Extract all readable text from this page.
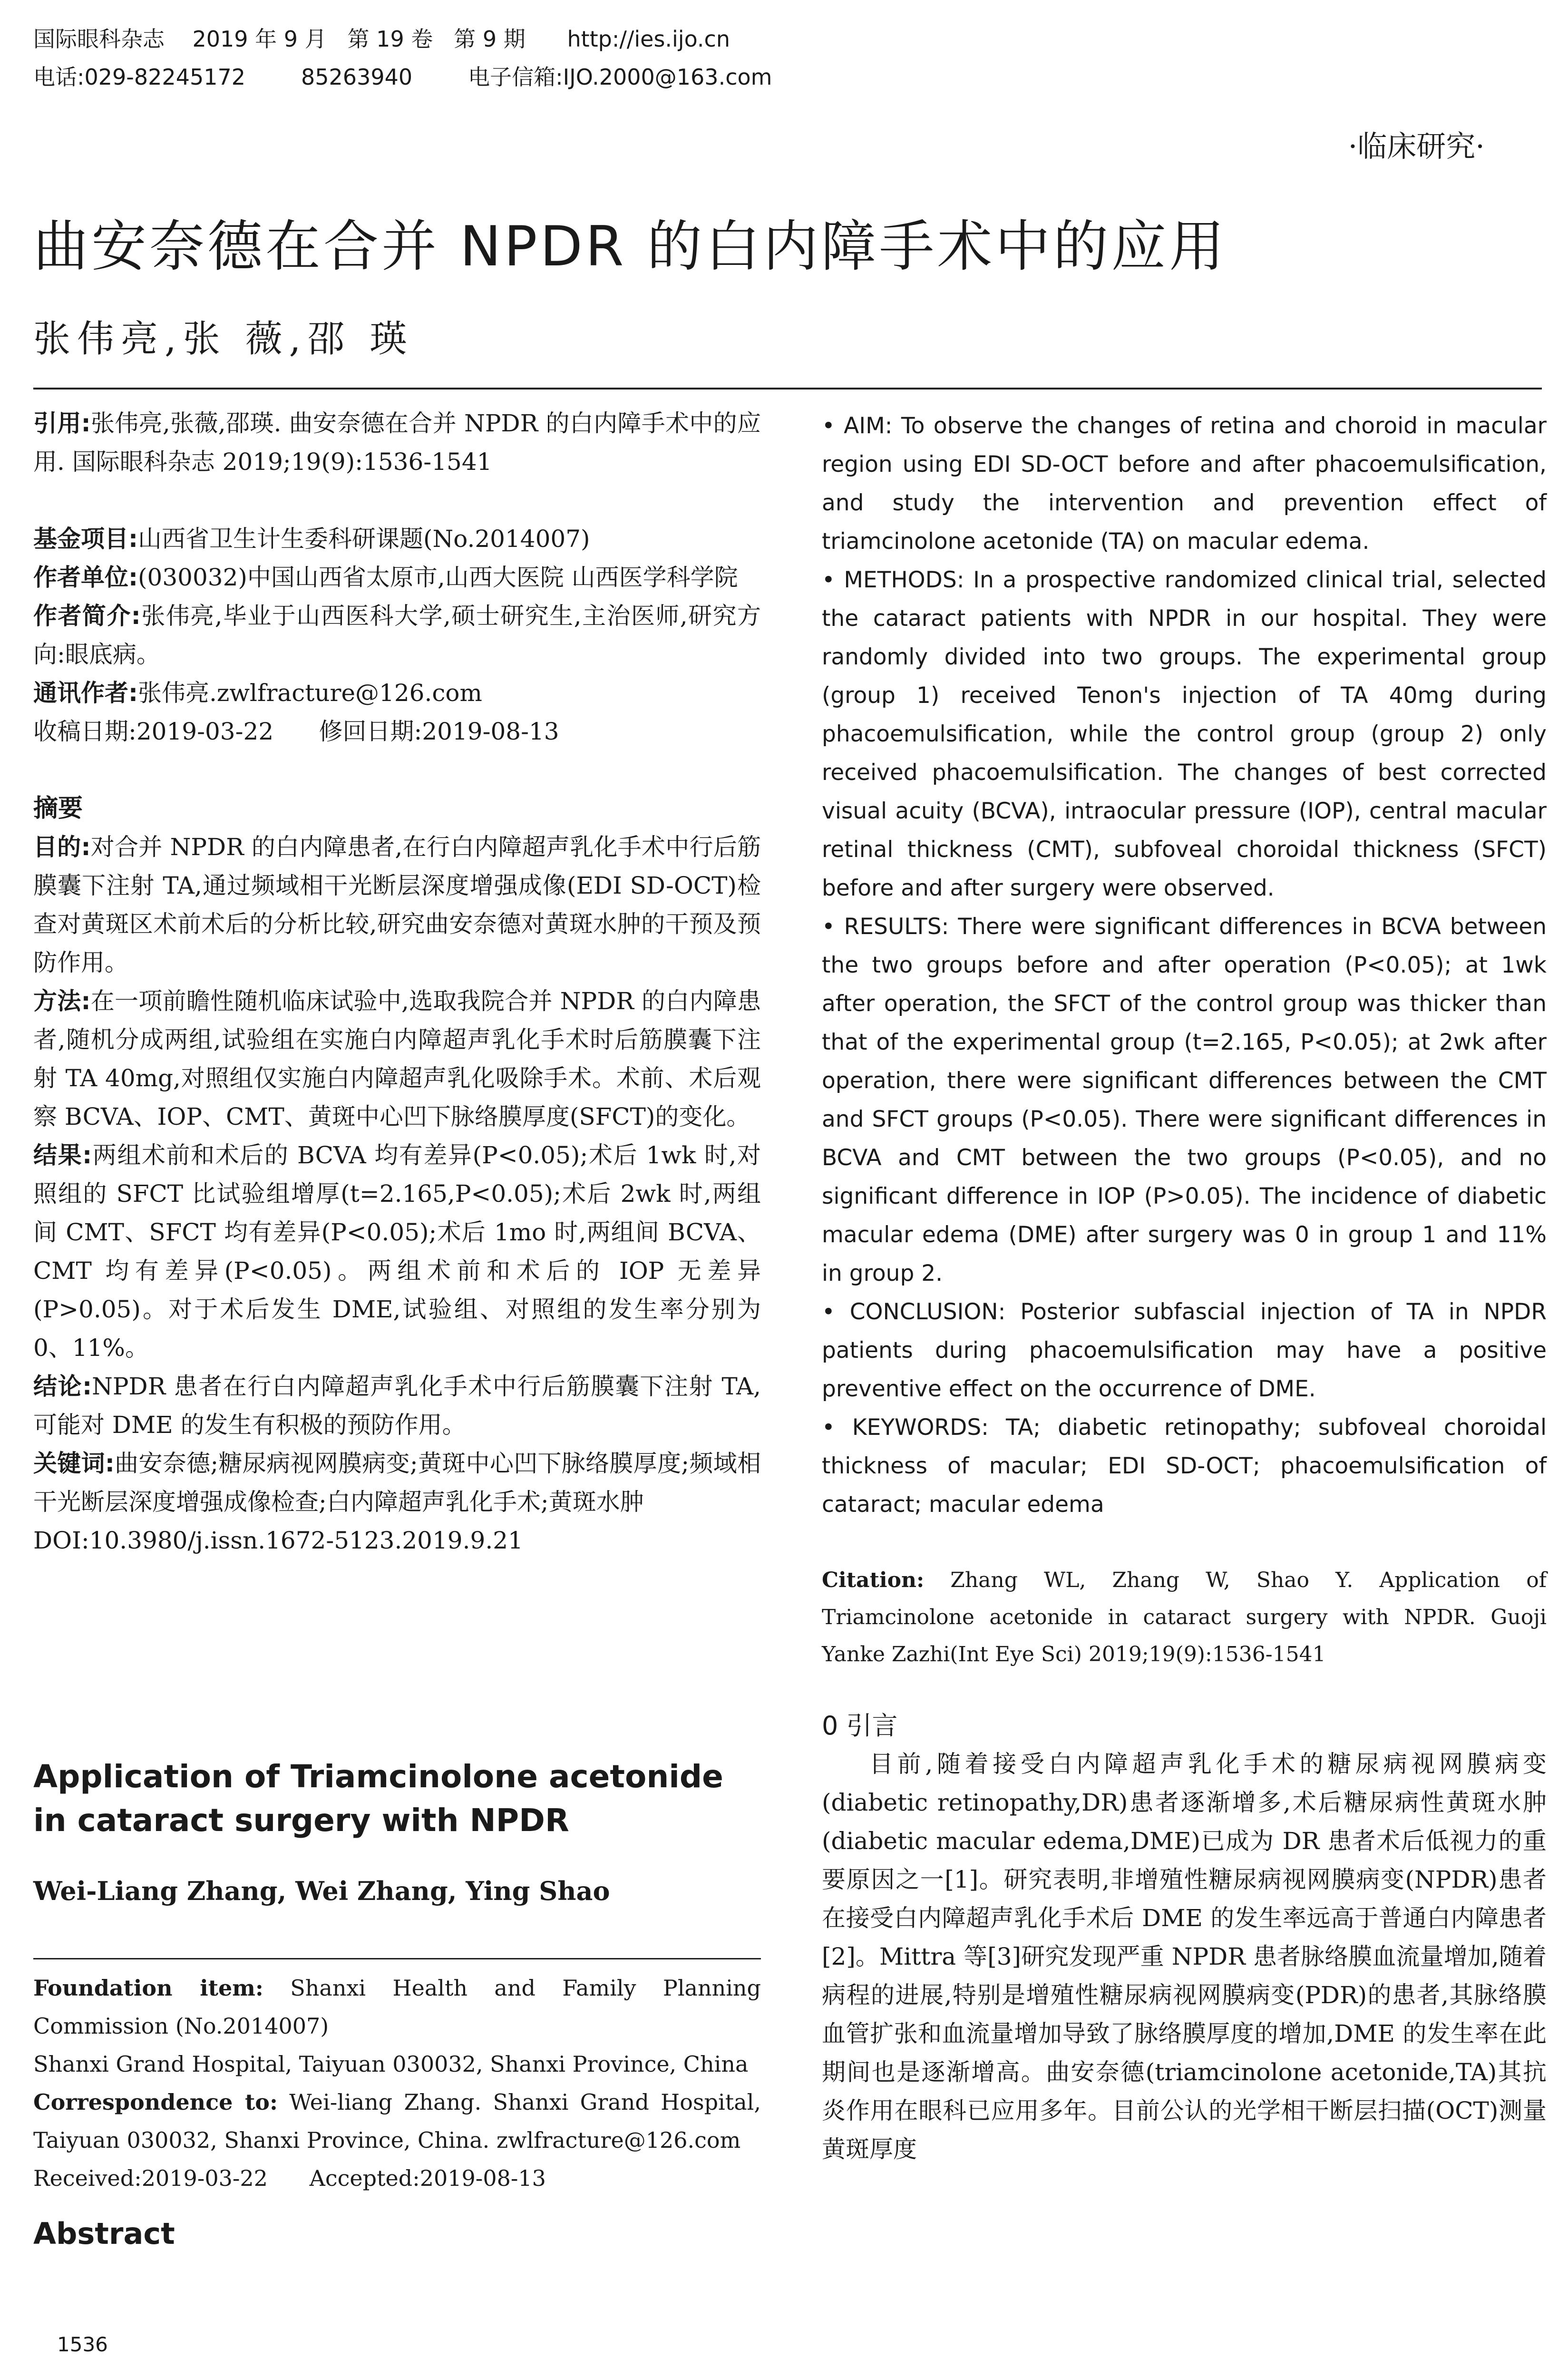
国际眼科杂志    2019 年 9 月   第 19 卷   第 9 期      http://ies.ijo.cn
电话:029-82245172        85263940        电子信箱:IJO.2000@163.com
·临床研究·
曲安奈德在合并 NPDR 的白内障手术中的应用
张伟亮,张 薇,邵 瑛

引用:张伟亮,张薇,邵瑛. 曲安奈德在合并 NPDR 的白内障手术中的应用. 国际眼科杂志 2019;19(9):1536-1541

基金项目:山西省卫生计生委科研课题(No.2014007)

作者单位:(030032)中国山西省太原市,山西大医院 山西医学科学院

作者简介:张伟亮,毕业于山西医科大学,硕士研究生,主治医师,研究方向:眼底病。

通讯作者:张伟亮.zwlfracture@126.com

收稿日期:2019-03-22      修回日期:2019-08-13

摘要

目的:对合并 NPDR 的白内障患者,在行白内障超声乳化手术中行后筋膜囊下注射 TA,通过频域相干光断层深度增强成像(EDI SD-OCT)检查对黄斑区术前术后的分析比较,研究曲安奈德对黄斑水肿的干预及预防作用。

方法:在一项前瞻性随机临床试验中,选取我院合并 NPDR 的白内障患者,随机分成两组,试验组在实施白内障超声乳化手术时后筋膜囊下注射 TA 40mg,对照组仅实施白内障超声乳化吸除手术。术前、术后观察 BCVA、IOP、CMT、黄斑中心凹下脉络膜厚度(SFCT)的变化。

结果:两组术前和术后的 BCVA 均有差异(P<0.05);术后 1wk 时,对照组的 SFCT 比试验组增厚(t=2.165,P<0.05);术后 2wk 时,两组间 CMT、SFCT 均有差异(P<0.05);术后 1mo 时,两组间 BCVA、CMT 均有差异(P<0.05)。两组术前和术后的 IOP 无差异(P>0.05)。对于术后发生 DME,试验组、对照组的发生率分别为 0、11%。

结论:NPDR 患者在行白内障超声乳化手术中行后筋膜囊下注射 TA,可能对 DME 的发生有积极的预防作用。

关键词:曲安奈德;糖尿病视网膜病变;黄斑中心凹下脉络膜厚度;频域相干光断层深度增强成像检查;白内障超声乳化手术;黄斑水肿

DOI:10.3980/j.issn.1672-5123.2019.9.21

Application of Triamcinolone acetonide in cataract surgery with NPDR
Wei-Liang Zhang, Wei Zhang, Ying Shao

Foundation item: Shanxi Health and Family Planning Commission (No.2014007)

Shanxi Grand Hospital, Taiyuan 030032, Shanxi Province, China

Correspondence to: Wei-liang Zhang. Shanxi Grand Hospital, Taiyuan 030032, Shanxi Province, China. zwlfracture@126.com

Received:2019-03-22      Accepted:2019-08-13

Abstract

• AIM: To observe the changes of retina and choroid in macular region using EDI SD-OCT before and after phacoemulsification, and study the intervention and prevention effect of triamcinolone acetonide (TA) on macular edema.

• METHODS: In a prospective randomized clinical trial, selected the cataract patients with NPDR in our hospital. They were randomly divided into two groups. The experimental group (group 1) received Tenon's injection of TA 40mg during phacoemulsification, while the control group (group 2) only received phacoemulsification. The changes of best corrected visual acuity (BCVA), intraocular pressure (IOP), central macular retinal thickness (CMT), subfoveal choroidal thickness (SFCT) before and after surgery were observed.

• RESULTS: There were significant differences in BCVA between the two groups before and after operation (P<0.05); at 1wk after operation, the SFCT of the control group was thicker than that of the experimental group (t=2.165, P<0.05); at 2wk after operation, there were significant differences between the CMT and SFCT groups (P<0.05). There were significant differences in BCVA and CMT between the two groups (P<0.05), and no significant difference in IOP (P>0.05). The incidence of diabetic macular edema (DME) after surgery was 0 in group 1 and 11% in group 2.

• CONCLUSION: Posterior subfascial injection of TA in NPDR patients during phacoemulsification may have a positive preventive effect on the occurrence of DME.

• KEYWORDS: TA; diabetic retinopathy; subfoveal choroidal thickness of macular; EDI SD-OCT; phacoemulsification of cataract; macular edema

Citation: Zhang WL, Zhang W, Shao Y. Application of Triamcinolone acetonide in cataract surgery with NPDR. Guoji Yanke Zazhi(Int Eye Sci) 2019;19(9):1536-1541

0 引言

目前,随着接受白内障超声乳化手术的糖尿病视网膜病变(diabetic retinopathy,DR)患者逐渐增多,术后糖尿病性黄斑水肿(diabetic macular edema,DME)已成为 DR 患者术后低视力的重要原因之一[1]。研究表明,非增殖性糖尿病视网膜病变(NPDR)患者在接受白内障超声乳化手术后 DME 的发生率远高于普通白内障患者[2]。Mittra 等[3]研究发现严重 NPDR 患者脉络膜血流量增加,随着病程的进展,特别是增殖性糖尿病视网膜病变(PDR)的患者,其脉络膜血管扩张和血流量增加导致了脉络膜厚度的增加,DME 的发生率在此期间也是逐渐增高。曲安奈德(triamcinolone acetonide,TA)其抗炎作用在眼科已应用多年。目前公认的光学相干断层扫描(OCT)测量黄斑厚度

1536
